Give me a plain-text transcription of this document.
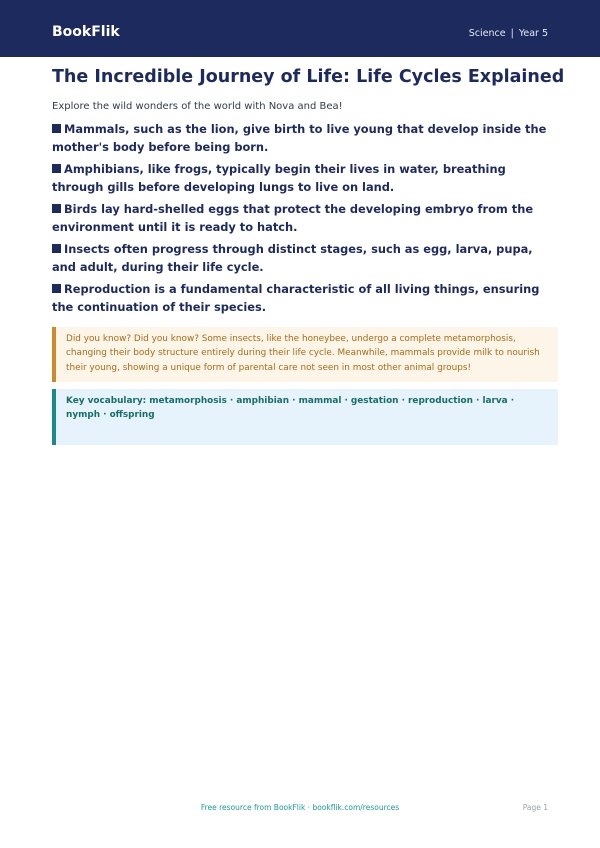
BookFlik	Science | Year 5
The Incredible Journey of Life: Life Cycles Explained

Explore the wild wonders of the world with Nova and Bea!

Mammals, such as the lion, give birth to live young that develop inside the mother's body before being born.
Amphibians, like frogs, typically begin their lives in water, breathing through gills before developing lungs to live on land.
Birds lay hard-shelled eggs that protect the developing embryo from the environment until it is ready to hatch.
Insects often progress through distinct stages, such as egg, larva, pupa, and adult, during their life cycle.
Reproduction is a fundamental characteristic of all living things, ensuring the continuation of their species.

Did you know? Did you know? Some insects, like the honeybee, undergo a complete metamorphosis, changing their body structure entirely during their life cycle. Meanwhile, mammals provide milk to nourish their young, showing a unique form of parental care not seen in most other animal groups!

Key vocabulary: metamorphosis · amphibian · mammal · gestation · reproduction · larva · nymph · offspring

Free resource from BookFlik · bookflik.com/resources	Page 1
